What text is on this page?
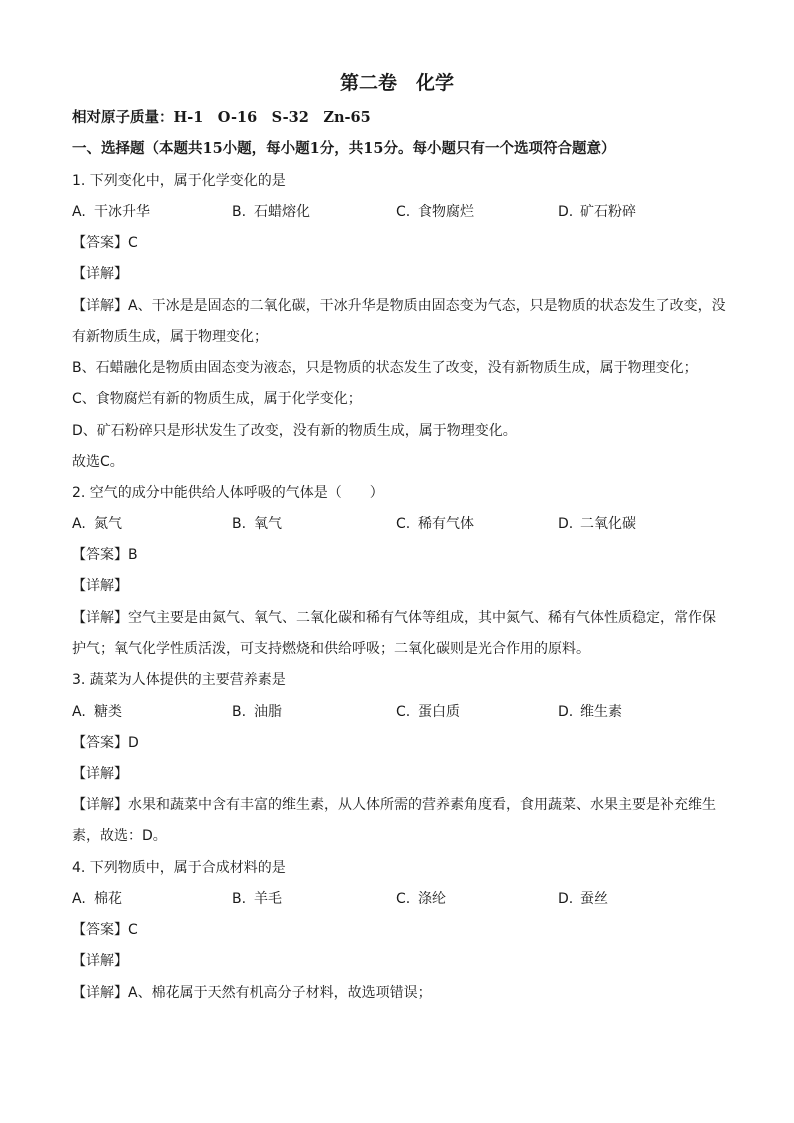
第二卷　化学
相对原子质量：H-1　O-16　S-32　Zn-65
一、选择题（本题共15小题，每小题1分，共15分。每小题只有一个选项符合题意）
1. 下列变化中，属于化学变化的是
A. 干冰升华	B. 石蜡熔化	C. 食物腐烂	D. 矿石粉碎
【答案】C
【详解】
【详解】A、干冰是是固态的二氧化碳，干冰升华是物质由固态变为气态，只是物质的状态发生了改变，没
有新物质生成，属于物理变化；
B、石蜡融化是物质由固态变为液态，只是物质的状态发生了改变，没有新物质生成，属于物理变化；
C、食物腐烂有新的物质生成，属于化学变化；
D、矿石粉碎只是形状发生了改变，没有新的物质生成，属于物理变化。
故选C。
2. 空气的成分中能供给人体呼吸的气体是（　　）
A. 氮气	B. 氧气	C. 稀有气体	D. 二氧化碳
【答案】B
【详解】
【详解】空气主要是由氮气、氧气、二氧化碳和稀有气体等组成，其中氮气、稀有气体性质稳定，常作保
护气；氧气化学性质活泼，可支持燃烧和供给呼吸；二氧化碳则是光合作用的原料。
3. 蔬菜为人体提供的主要营养素是
A. 糖类	B. 油脂	C. 蛋白质	D. 维生素
【答案】D
【详解】
【详解】水果和蔬菜中含有丰富的维生素，从人体所需的营养素角度看，食用蔬菜、水果主要是补充维生
素，故选：D。
4. 下列物质中，属于合成材料的是
A. 棉花	B. 羊毛	C. 涤纶	D. 蚕丝
【答案】C
【详解】
【详解】A、棉花属于天然有机高分子材料，故选项错误；
